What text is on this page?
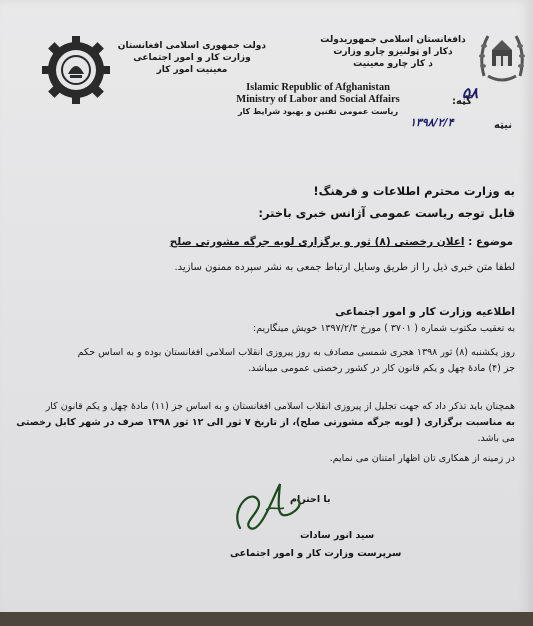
دولت جمهوری اسلامی افغانستان
وزارت کار و امور اجتماعی
معینیت امور کار
دافغانستان اسلامی جمهوریدولت
دکار او ټولنیزو چارو وزارت
د کار چارو معینیت
Islamic Republic of Afghanistan
Ministry of Labor and Social Affairs
ریاست عمومی تقنین و بهبود شرایط کار
گڼه:
۵۸
نیټه
۱۳۹۸/۲/۴
به وزارت محترم اطلاعات و فرهنگ!
قابل توجه ریاست عمومی آژانس خبری باختر:
موضوع : اعلان رخصتی (۸) ثور و برگزاری لویه جرگه مشورتی صلح
لطفا متن خبری ذیل را از طریق وسایل ارتباط جمعی به نشر سپرده ممنون سازید.
اطلاعیه وزارت کار و امور اجتماعی
به تعقیب مکتوب شماره ( ۳۷۰۱ ) مورخ ۱۳۹۷/۲/۳ خویش مینگاریم:
روز یکشنبه (۸) ثور ۱۳۹۸ هجری شمسی مصادف به روز پیروزی انقلاب اسلامی افغانستان بوده و به اساس حکم
جز (۴) مادهٔ چهل و یکم قانون کار در کشور رخصتی عمومی میباشد.
همچنان باید تذکر داد که جهت تجلیل از پیروزی انقلاب اسلامی افغانستان و به اساس جز (۱۱) مادهٔ چهل و یکم قانون کار
به مناسبت برگزاری ( لویه جرگه مشورتی صلح)، از تاریخ ۷ ثور الی ۱۲ ثور ۱۳۹۸ صرف در شهر کابل رخصتی
می باشد.
در زمینه از همکاری تان اظهار امتنان می نمایم.
با احترام
سید انور سادات
سرپرست وزارت کار و امور اجتماعی
